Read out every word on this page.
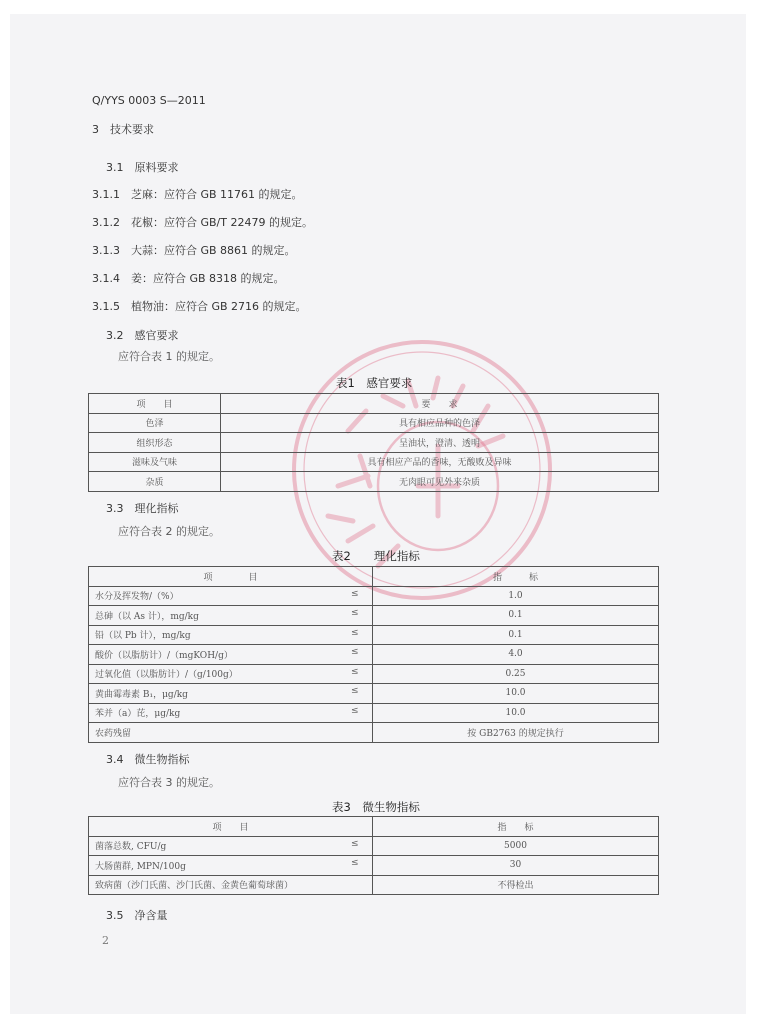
Q/YYS 0003 S—2011
3　技术要求
3.1　原料要求
3.1.1　芝麻：应符合 GB 11761 的规定。
3.1.2　花椒：应符合 GB/T 22479 的规定。
3.1.3　大蒜：应符合 GB 8861 的规定。
3.1.4　姜：应符合 GB 8318 的规定。
3.1.5　植物油：应符合 GB 2716 的规定。
3.2　感官要求
应符合表 1 的规定。
表1　感官要求
项　　目	要　　求
色泽	具有相应品种的色泽
组织形态	呈油状，澄清、透明
滋味及气味	具有相应产品的香味，无酸败及异味
杂质	无肉眼可见外来杂质
3.3　理化指标
应符合表 2 的规定。
表2　　理化指标
项　　　　目	指　　　标
水分及挥发物/（%） ≤	1.0
总砷（以 As 计），mg/kg ≤	0.1
铅（以 Pb 计），mg/kg ≤	0.1
酸价（以脂肪计）/（mgKOH/g） ≤	4.0
过氧化值（以脂肪计）/（g/100g） ≤	0.25
黄曲霉毒素 B₁，μg/kg ≤	10.0
苯并（a）芘，μg/kg ≤	10.0
农药残留	按 GB2763 的规定执行
3.4　微生物指标
应符合表 3 的规定。
表3　微生物指标
项　　目	指　　标
菌落总数, CFU/g ≤	5000
大肠菌群, MPN/100g ≤	30
致病菌（沙门氏菌、沙门氏菌、金黄色葡萄球菌）	不得检出
3.5　净含量
2
